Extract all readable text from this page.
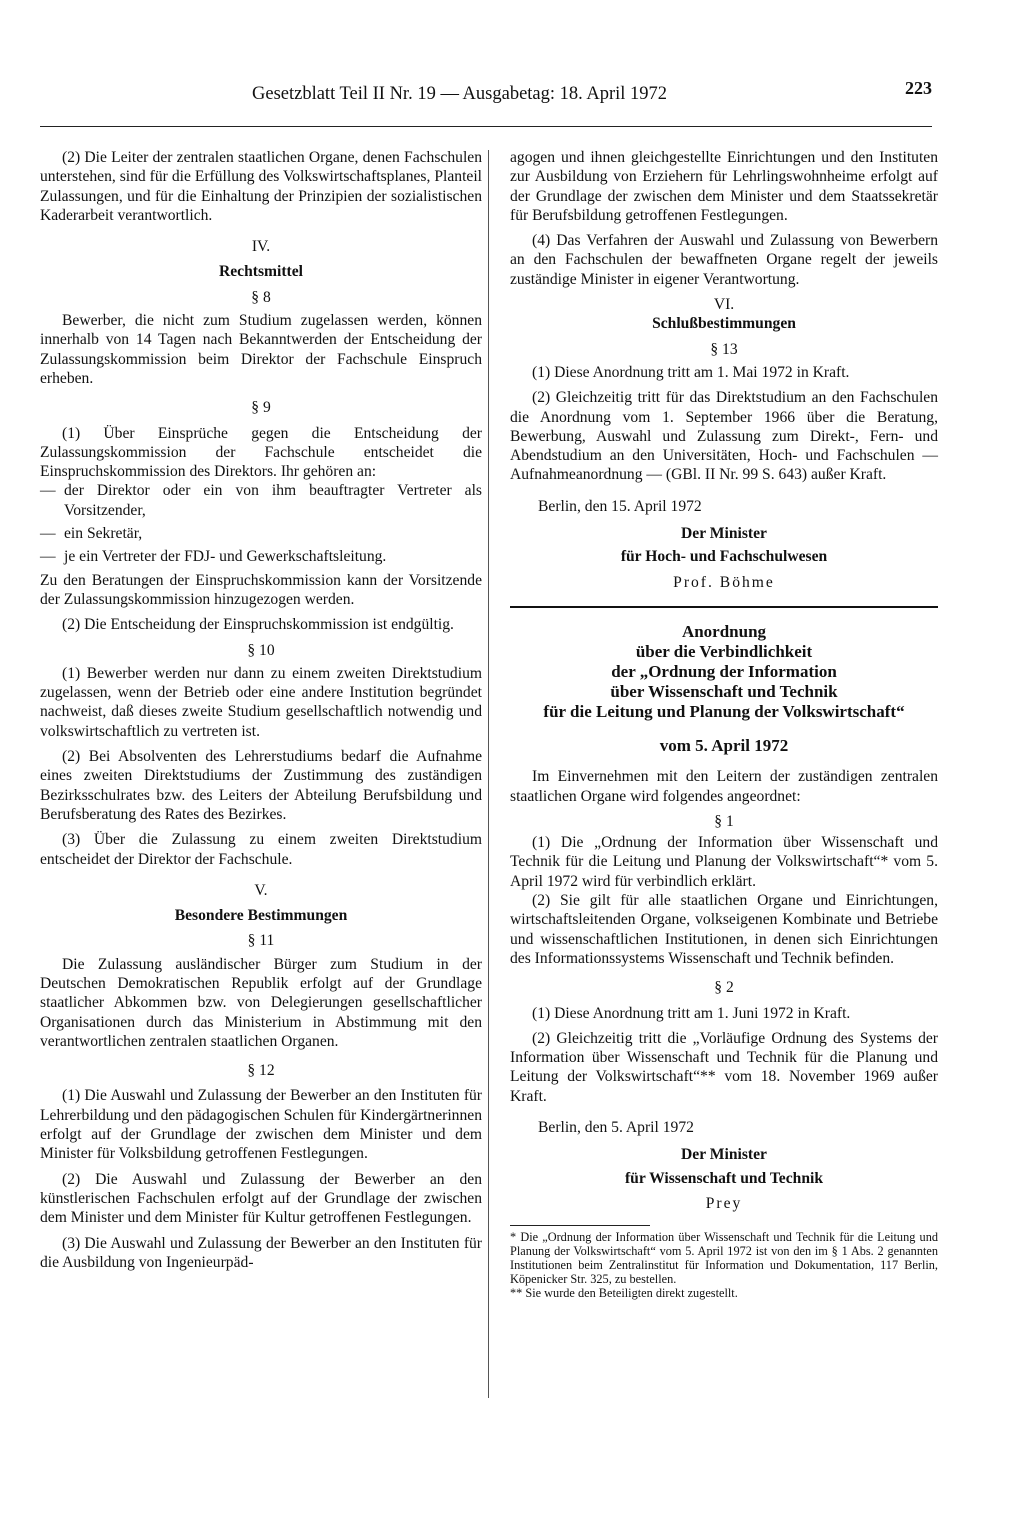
Gesetzblatt Teil II Nr. 19 — Ausgabetag: 18. April 1972	223

(2) Die Leiter der zentralen staatlichen Organe, denen Fachschulen unterstehen, sind für die Erfüllung des Volkswirtschaftsplanes, Planteil Zulassungen, und für die Einhaltung der Prinzipien der sozialistischen Kaderarbeit verantwortlich.

IV.
Rechtsmittel
§ 8

Bewerber, die nicht zum Studium zugelassen werden, können innerhalb von 14 Tagen nach Bekanntwerden der Entscheidung der Zulassungskommission beim Direktor der Fachschule Einspruch erheben.

§ 9

(1) Über Einsprüche gegen die Entscheidung der Zulassungskommission der Fachschule entscheidet die Einspruchskommission des Direktors. Ihr gehören an:

— der Direktor oder ein von ihm beauftragter Vertreter als Vorsitzender,
— ein Sekretär,
— je ein Vertreter der FDJ- und Gewerkschaftsleitung.

Zu den Beratungen der Einspruchskommission kann der Vorsitzende der Zulassungskommission hinzugezogen werden.

(2) Die Entscheidung der Einspruchskommission ist endgültig.

§ 10

(1) Bewerber werden nur dann zu einem zweiten Direktstudium zugelassen, wenn der Betrieb oder eine andere Institution begründet nachweist, daß dieses zweite Studium gesellschaftlich notwendig und volkswirtschaftlich zu vertreten ist.

(2) Bei Absolventen des Lehrerstudiums bedarf die Aufnahme eines zweiten Direktstudiums der Zustimmung des zuständigen Bezirksschulrates bzw. des Leiters der Abteilung Berufsbildung und Berufsberatung des Rates des Bezirkes.

(3) Über die Zulassung zu einem zweiten Direktstudium entscheidet der Direktor der Fachschule.

V.
Besondere Bestimmungen
§ 11

Die Zulassung ausländischer Bürger zum Studium in der Deutschen Demokratischen Republik erfolgt auf der Grundlage staatlicher Abkommen bzw. von Delegierungen gesellschaftlicher Organisationen durch das Ministerium in Abstimmung mit den verantwortlichen zentralen staatlichen Organen.

§ 12

(1) Die Auswahl und Zulassung der Bewerber an den Instituten für Lehrerbildung und den pädagogischen Schulen für Kindergärtnerinnen erfolgt auf der Grundlage der zwischen dem Minister und dem Minister für Volksbildung getroffenen Festlegungen.

(2) Die Auswahl und Zulassung der Bewerber an den künstlerischen Fachschulen erfolgt auf der Grundlage der zwischen dem Minister und dem Minister für Kultur getroffenen Festlegungen.

(3) Die Auswahl und Zulassung der Bewerber an den Instituten für die Ausbildung von Ingenieurpäd-

agogen und ihnen gleichgestellte Einrichtungen und den Instituten zur Ausbildung von Erziehern für Lehrlingswohnheime erfolgt auf der Grundlage der zwischen dem Minister und dem Staatssekretär für Berufsbildung getroffenen Festlegungen.

(4) Das Verfahren der Auswahl und Zulassung von Bewerbern an den Fachschulen der bewaffneten Organe regelt der jeweils zuständige Minister in eigener Verantwortung.

VI.
Schlußbestimmungen
§ 13

(1) Diese Anordnung tritt am 1. Mai 1972 in Kraft.

(2) Gleichzeitig tritt für das Direktstudium an den Fachschulen die Anordnung vom 1. September 1966 über die Beratung, Bewerbung, Auswahl und Zulassung zum Direkt-, Fern- und Abendstudium an den Universitäten, Hoch- und Fachschulen — Aufnahmeanordnung — (GBl. II Nr. 99 S. 643) außer Kraft.

Berlin, den 15. April 1972
Der Minister
für Hoch- und Fachschulwesen
Prof. Böhme
Anordnung
über die Verbindlichkeit
der „Ordnung der Information
über Wissenschaft und Technik
für die Leitung und Planung der Volkswirtschaft“
vom 5. April 1972

Im Einvernehmen mit den Leitern der zuständigen zentralen staatlichen Organe wird folgendes angeordnet:

§ 1

(1) Die „Ordnung der Information über Wissenschaft und Technik für die Leitung und Planung der Volkswirtschaft“* vom 5. April 1972 wird für verbindlich erklärt.

(2) Sie gilt für alle staatlichen Organe und Einrichtungen, wirtschaftsleitenden Organe, volkseigenen Kombinate und Betriebe und wissenschaftlichen Institutionen, in denen sich Einrichtungen des Informationssystems Wissenschaft und Technik befinden.

§ 2

(1) Diese Anordnung tritt am 1. Juni 1972 in Kraft.

(2) Gleichzeitig tritt die „Vorläufige Ordnung des Systems der Information über Wissenschaft und Technik für die Planung und Leitung der Volkswirtschaft“** vom 18. November 1969 außer Kraft.

Berlin, den 5. April 1972
Der Minister
für Wissenschaft und Technik
Prey

* Die „Ordnung der Information über Wissenschaft und Technik für die Leitung und Planung der Volkswirtschaft“ vom 5. April 1972 ist von den im § 1 Abs. 2 genannten Institutionen beim Zentralinstitut für Information und Dokumentation, 117 Berlin, Köpenicker Str. 325, zu bestellen.

** Sie wurde den Beteiligten direkt zugestellt.
